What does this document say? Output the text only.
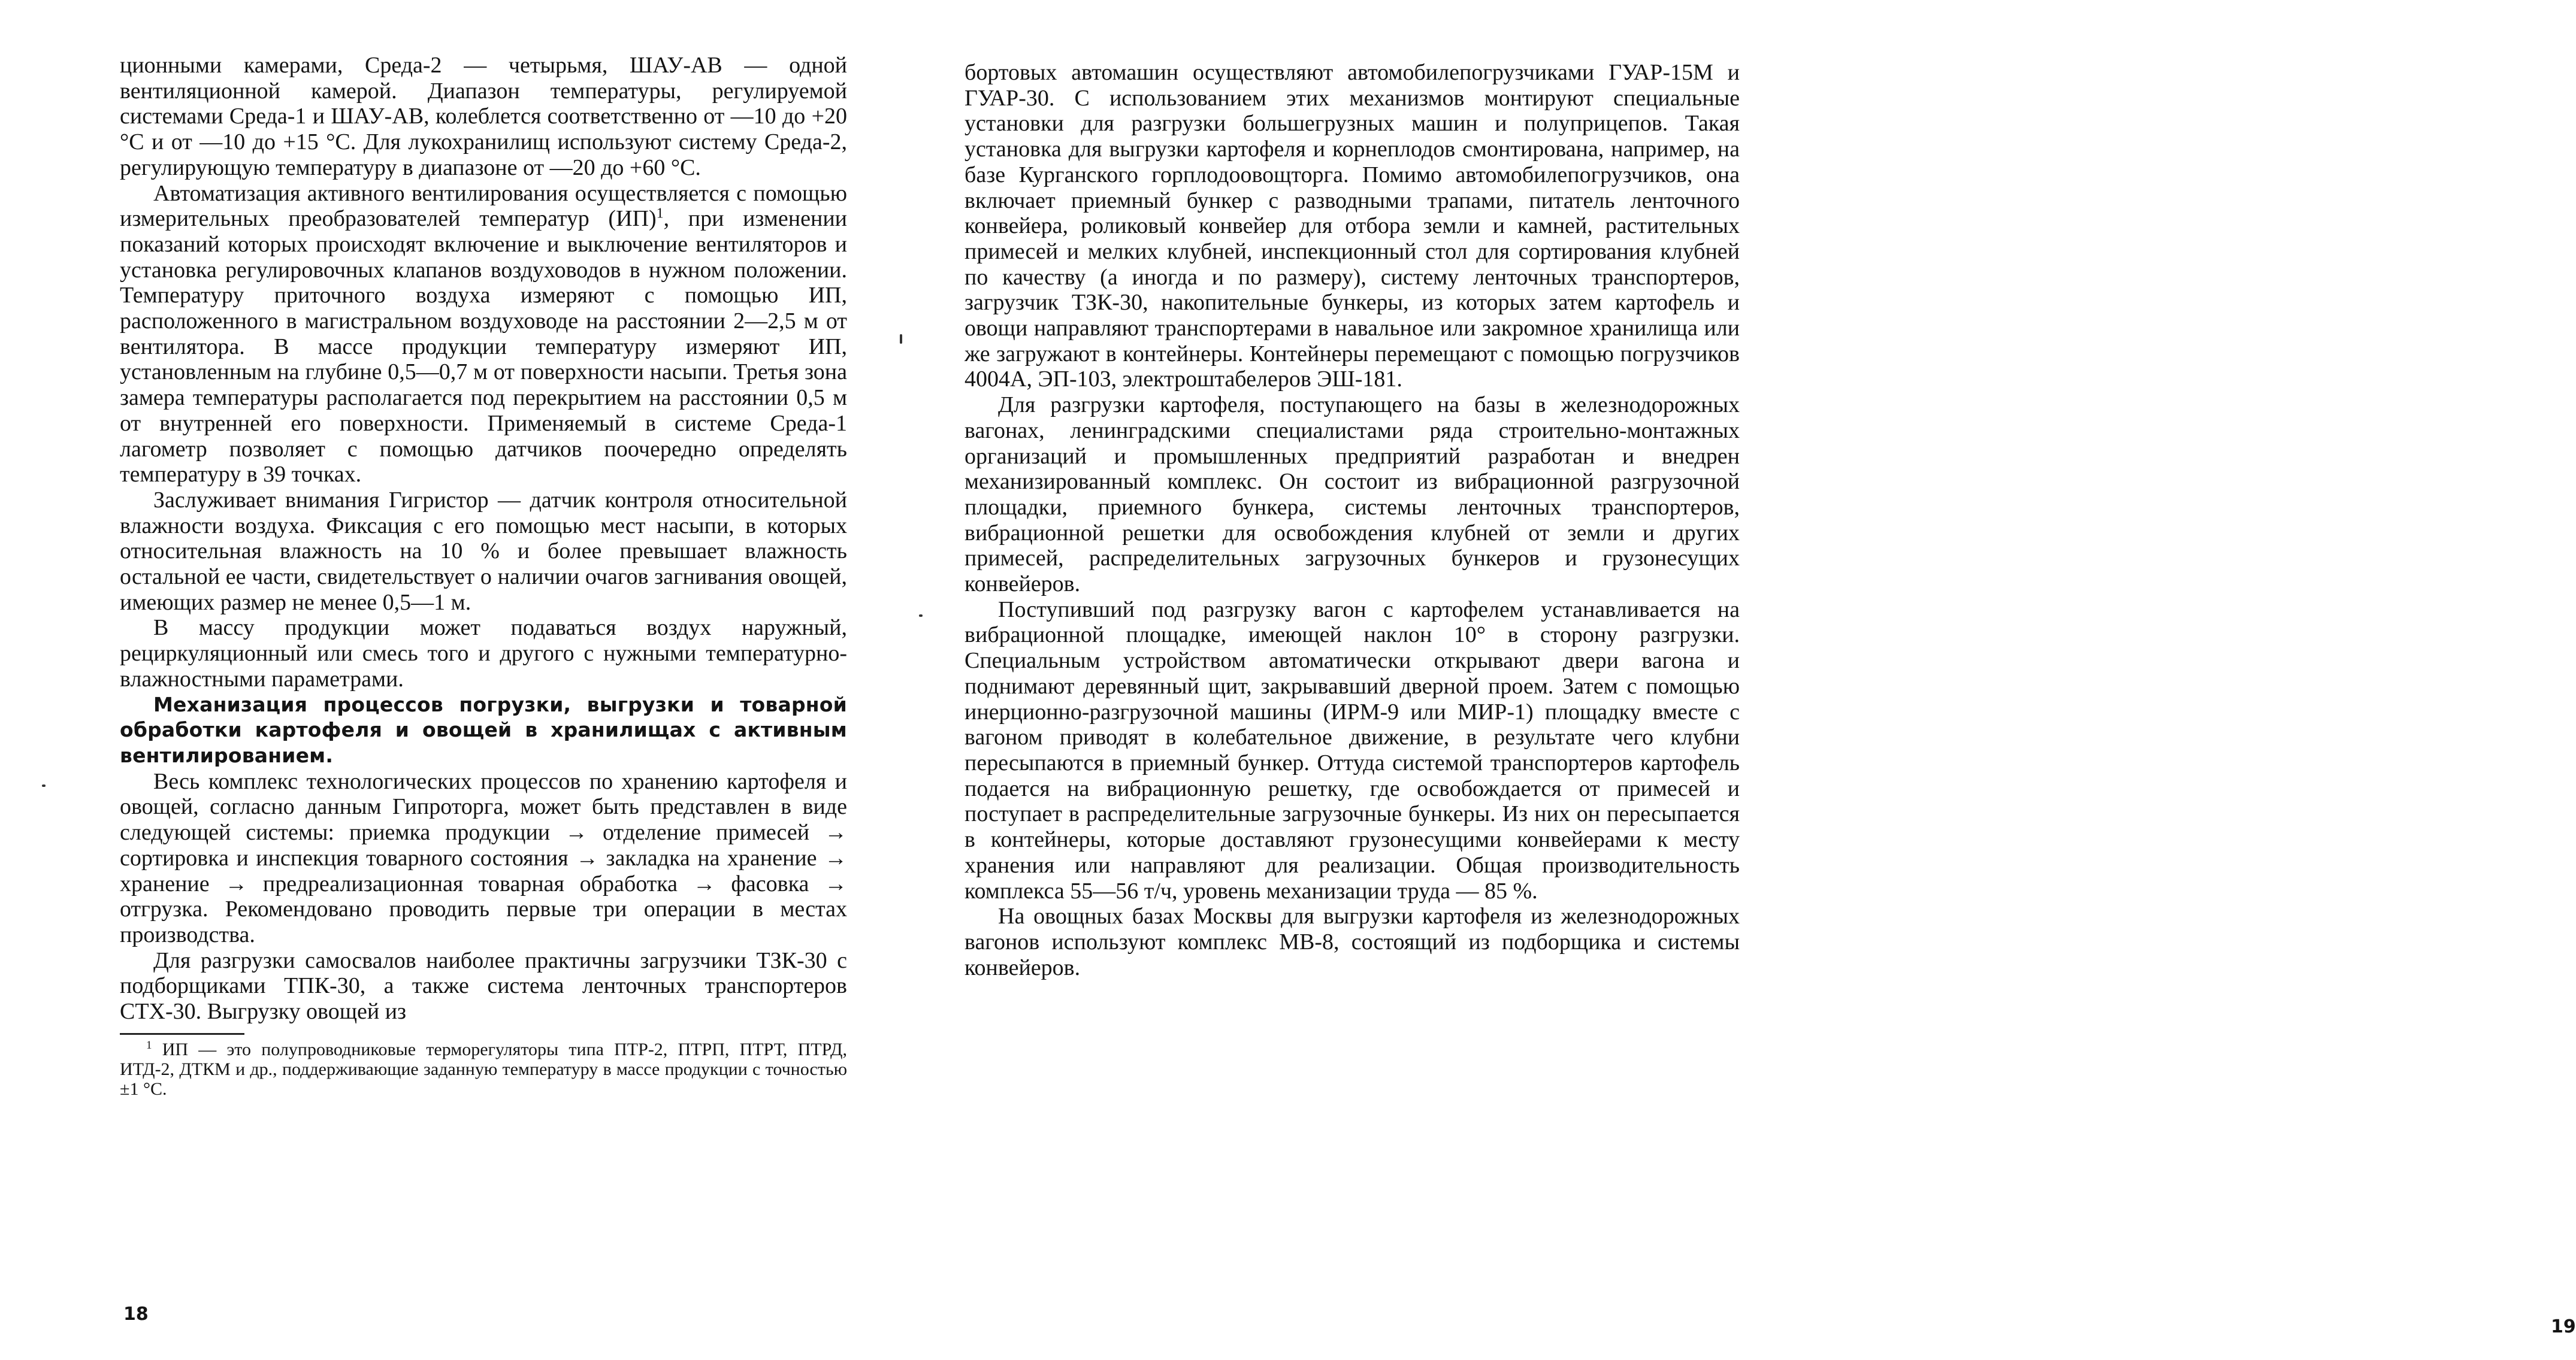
ционными камерами, Среда-2 — четырьмя, ШАУ-АВ — одной вентиляционной камерой. Диапазон температуры, регулируемой системами Среда-1 и ШАУ-АВ, колеблется соответственно от —10 до +20 °С и от —10 до +15 °С. Для лукохранилищ используют систему Среда-2, регулирующую температуру в диапазоне от —20 до +60 °С.

Автоматизация активного вентилирования осуществляется с помощью измерительных преобразователей температур (ИП)$^1$, при изменении показаний которых происходят включение и выключение вентиляторов и установка регулировочных клапанов воздуховодов в нужном положении. Температуру приточного воздуха измеряют с помощью ИП, расположенного в магистральном воздуховоде на расстоянии 2—2,5 м от вентилятора. В массе продукции температуру измеряют ИП, установленным на глубине 0,5—0,7 м от поверхности насыпи. Третья зона замера температуры располагается под перекрытием на расстоянии 0,5 м от внутренней его поверхности. Применяемый в системе Среда-1 лагометр позволяет с помощью датчиков поочередно определять температуру в 39 точках.

Заслуживает внимания Гигристор — датчик контроля относительной влажности воздуха. Фиксация с его помощью мест насыпи, в которых относительная влажность на 10 % и более превышает влажность остальной ее части, свидетельствует о наличии очагов загнивания овощей, имеющих размер не менее 0,5—1 м.

В массу продукции может подаваться воздух наружный, рециркуляционный или смесь того и другого с нужными температурно-влажностными параметрами.

Механизация процессов погрузки, выгрузки и товарной обработки картофеля и овощей в хранилищах с активным вентилированием.

Весь комплекс технологических процессов по хранению картофеля и овощей, согласно данным Гипроторга, может быть представлен в виде следующей системы: приемка продукции → отделение примесей → сортировка и инспекция товарного состояния → закладка на хранение → хранение → предреализационная товарная обработка → фасовка → отгрузка. Рекомендовано проводить первые три операции в местах производства.

Для разгрузки самосвалов наиболее практичны загрузчики ТЗК-30 с подборщиками ТПК-30, а также система ленточных транспортеров СТХ-30. Выгрузку овощей из

$^1$ ИП — это полупроводниковые терморегуляторы типа ПТР-2, ПТРП, ПТРТ, ПТРД, ИТД-2, ДТКМ и др., поддерживающие заданную температуру в массе продукции с точностью ±1 °С.

18

бортовых автомашин осуществляют автомобилепогрузчиками ГУАР-15М и ГУАР-30. С использованием этих механизмов монтируют специальные установки для разгрузки большегрузных машин и полуприцепов. Такая установка для выгрузки картофеля и корнеплодов смонтирована, например, на базе Курганского горплодоовощторга. Помимо автомобилепогрузчиков, она включает приемный бункер с разводными трапами, питатель ленточного конвейера, роликовый конвейер для отбора земли и камней, растительных примесей и мелких клубней, инспекционный стол для сортирования клубней по качеству (а иногда и по размеру), систему ленточных транспортеров, загрузчик ТЗК-30, накопительные бункеры, из которых затем картофель и овощи направляют транспортерами в навальное или закромное хранилища или же загружают в контейнеры. Контейнеры перемещают с помощью погрузчиков 4004А, ЭП-103, электроштабелеров ЭШ-181.

Для разгрузки картофеля, поступающего на базы в железнодорожных вагонах, ленинградскими специалистами ряда строительно-монтажных организаций и промышленных предприятий разработан и внедрен механизированный комплекс. Он состоит из вибрационной разгрузочной площадки, приемного бункера, системы ленточных транспортеров, вибрационной решетки для освобождения клубней от земли и других примесей, распределительных загрузочных бункеров и грузонесущих конвейеров.

Поступивший под разгрузку вагон с картофелем устанавливается на вибрационной площадке, имеющей наклон 10° в сторону разгрузки. Специальным устройством автоматически открывают двери вагона и поднимают деревянный щит, закрывавший дверной проем. Затем с помощью инерционно-разгрузочной машины (ИРМ-9 или МИР-1) площадку вместе с вагоном приводят в колебательное движение, в результате чего клубни пересыпаются в приемный бункер. Оттуда системой транспортеров картофель подается на вибрационную решетку, где освобождается от примесей и поступает в распределительные загрузочные бункеры. Из них он пересыпается в контейнеры, которые доставляют грузонесущими конвейерами к месту хранения или направляют для реализации. Общая производительность комплекса 55—56 т/ч, уровень механизации труда — 85 %.

На овощных базах Москвы для выгрузки картофеля из железнодорожных вагонов используют комплекс МВ-8, состоящий из подборщика и системы конвейеров.

19
